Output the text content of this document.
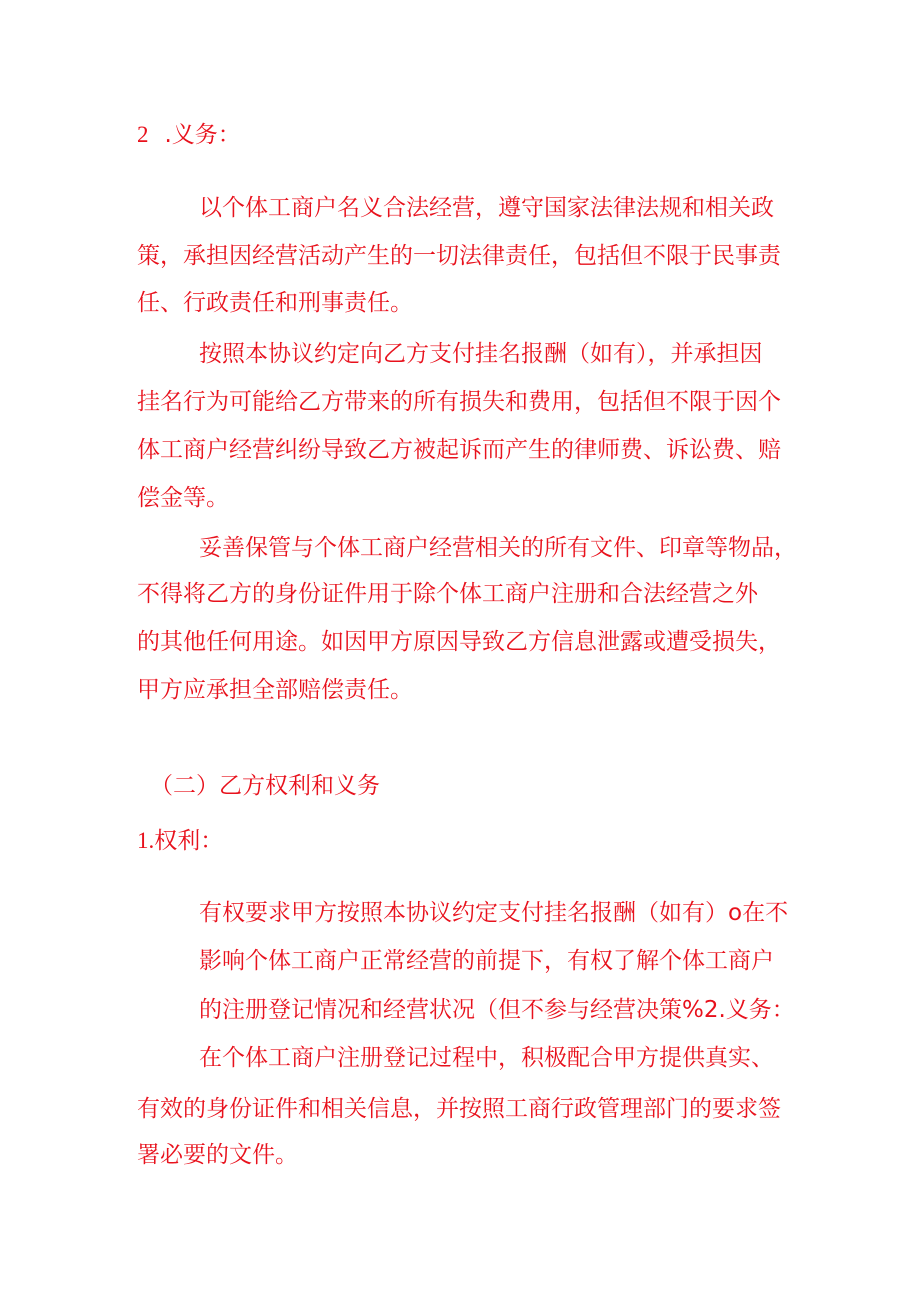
2 .义务：
以个体工商户名义合法经营，遵守国家法律法规和相关政
策，承担因经营活动产生的一切法律责任，包括但不限于民事责
任、行政责任和刑事责任。
按照本协议约定向乙方支付挂名报酬（如有），并承担因
挂名行为可能给乙方带来的所有损失和费用，包括但不限于因个
体工商户经营纠纷导致乙方被起诉而产生的律师费、诉讼费、赔
偿金等。
妥善保管与个体工商户经营相关的所有文件、印章等物品，
不得将乙方的身份证件用于除个体工商户注册和合法经营之外
的其他任何用途。如因甲方原因导致乙方信息泄露或遭受损失，
甲方应承担全部赔偿责任。
（二）乙方权利和义务
1.权利：
有权要求甲方按照本协议约定支付挂名报酬（如有）o在不
影响个体工商户正常经营的前提下，有权了解个体工商户
的注册登记情况和经营状况（但不参与经营决策%2.义务：
在个体工商户注册登记过程中，积极配合甲方提供真实、
有效的身份证件和相关信息，并按照工商行政管理部门的要求签
署必要的文件。
